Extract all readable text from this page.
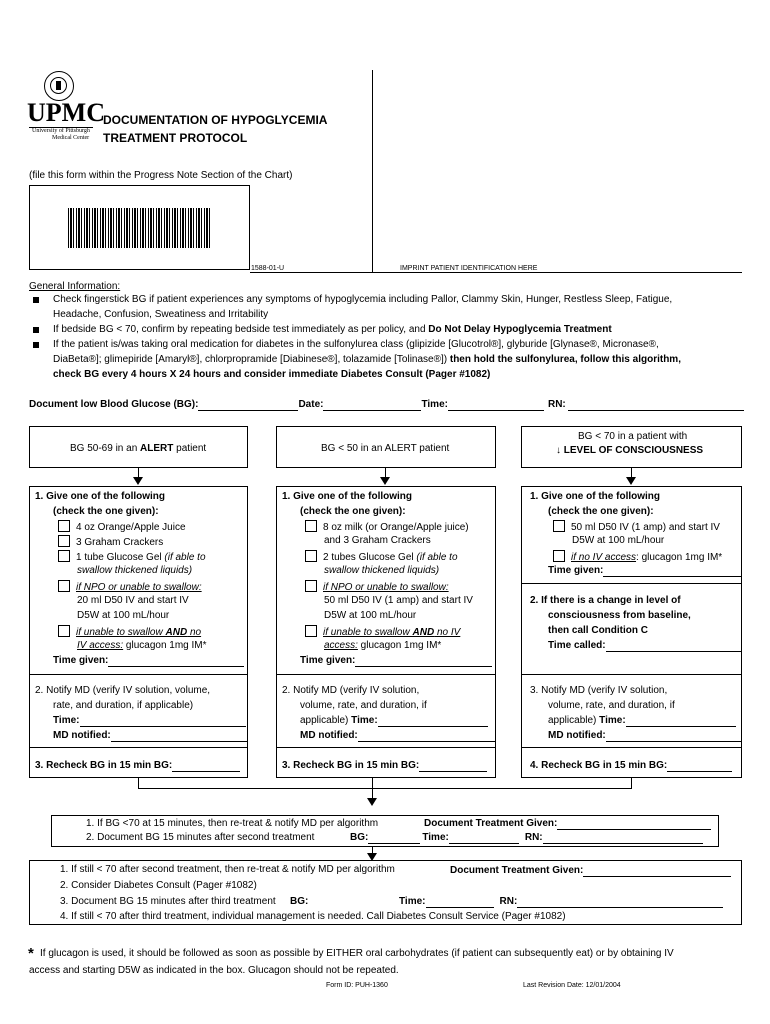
UPMC
University of Pittsburgh
Medical Center
DOCUMENTATION OF HYPOGLYCEMIA
TREATMENT PROTOCOL
(file this form within the Progress Note Section of the Chart)
1588-01-U	IMPRINT PATIENT IDENTIFICATION HERE
General Information:
Check fingerstick BG if patient experiences any symptoms of hypoglycemia including Pallor, Clammy Skin, Hunger, Restless Sleep, Fatigue,
Headache, Confusion, Sweatiness and Irritability
If bedside BG < 70, confirm by repeating bedside test immediately as per policy, and Do Not Delay Hypoglycemia Treatment
If the patient is/was taking oral medication for diabetes in the sulfonylurea class (glipizide [Glucotrol®], glyburide [Glynase®, Micronase®,
DiaBeta®]; glimepiride [Amaryl®], chlorpropramide [Diabinese®], tolazamide [Tolinase®]) then hold the sulfonylurea, follow this algorithm,
check BG every 4 hours X 24 hours and consider immediate Diabetes Consult (Pager #1082)
Document low Blood Glucose (BG):	Date:	Time:	RN:
BG 50-69 in an ALERT patient	BG < 50 in an ALERT patient
BG < 70 in a patient with
↓ LEVEL OF CONSCIOUSNESS
1. Give one of the following
(check the one given):
4 oz Orange/Apple Juice
3 Graham Crackers
1 tube Glucose Gel (if able to
swallow thickened liquids)
if NPO or unable to swallow:
20 ml D50 IV and start IV
D5W at 100 mL/hour
if unable to swallow AND no
IV access: glucagon 1mg IM*
Time given:
2. Notify MD (verify IV solution, volume,
rate, and duration, if applicable)
Time:
MD notified:
3. Recheck BG in 15 min BG:
1. Give one of the following
(check the one given):
8 oz milk (or Orange/Apple juice)
and 3 Graham Crackers
2 tubes Glucose Gel (if able to
swallow thickened liquids)
if NPO or unable to swallow:
50 ml D50 IV (1 amp) and start IV
D5W at 100 mL/hour
if unable to swallow AND no IV
access: glucagon 1mg IM*
Time given:
2. Notify MD (verify IV solution,
volume, rate, and duration, if
applicable) Time:
MD notified:
3. Recheck BG in 15 min BG:
1. Give one of the following
(check the one given):
50 ml D50 IV (1 amp) and start IV
D5W at 100 mL/hour
if no IV access: glucagon 1mg IM*
Time given:
2. If there is a change in level of
consciousness from baseline,
then call Condition C
Time called:
3. Notify MD (verify IV solution,
volume, rate, and duration, if
applicable) Time:
MD notified:
4. Recheck BG in 15 min BG:
1. If BG <70 at 15 minutes, then re-treat & notify MD per algorithm
2. Document BG 15 minutes after second treatment
Document Treatment Given:
BG:	Time:	RN:
1. If still < 70 after second treatment, then re-treat & notify MD per algorithm
2. Consider Diabetes Consult (Pager #1082)
3. Document BG 15 minutes after third treatment
4. If still < 70 after third treatment, individual management is needed. Call Diabetes Consult Service (Pager #1082)
Document Treatment Given:
BG:	Time:	RN:
* If glucagon is used, it should be followed as soon as possible by EITHER oral carbohydrates (if patient can subsequently eat) or by obtaining IV
access and starting D5W as indicated in the box. Glucagon should not be repeated.
Form ID: PUH-1360	Last Revision Date: 12/01/2004
